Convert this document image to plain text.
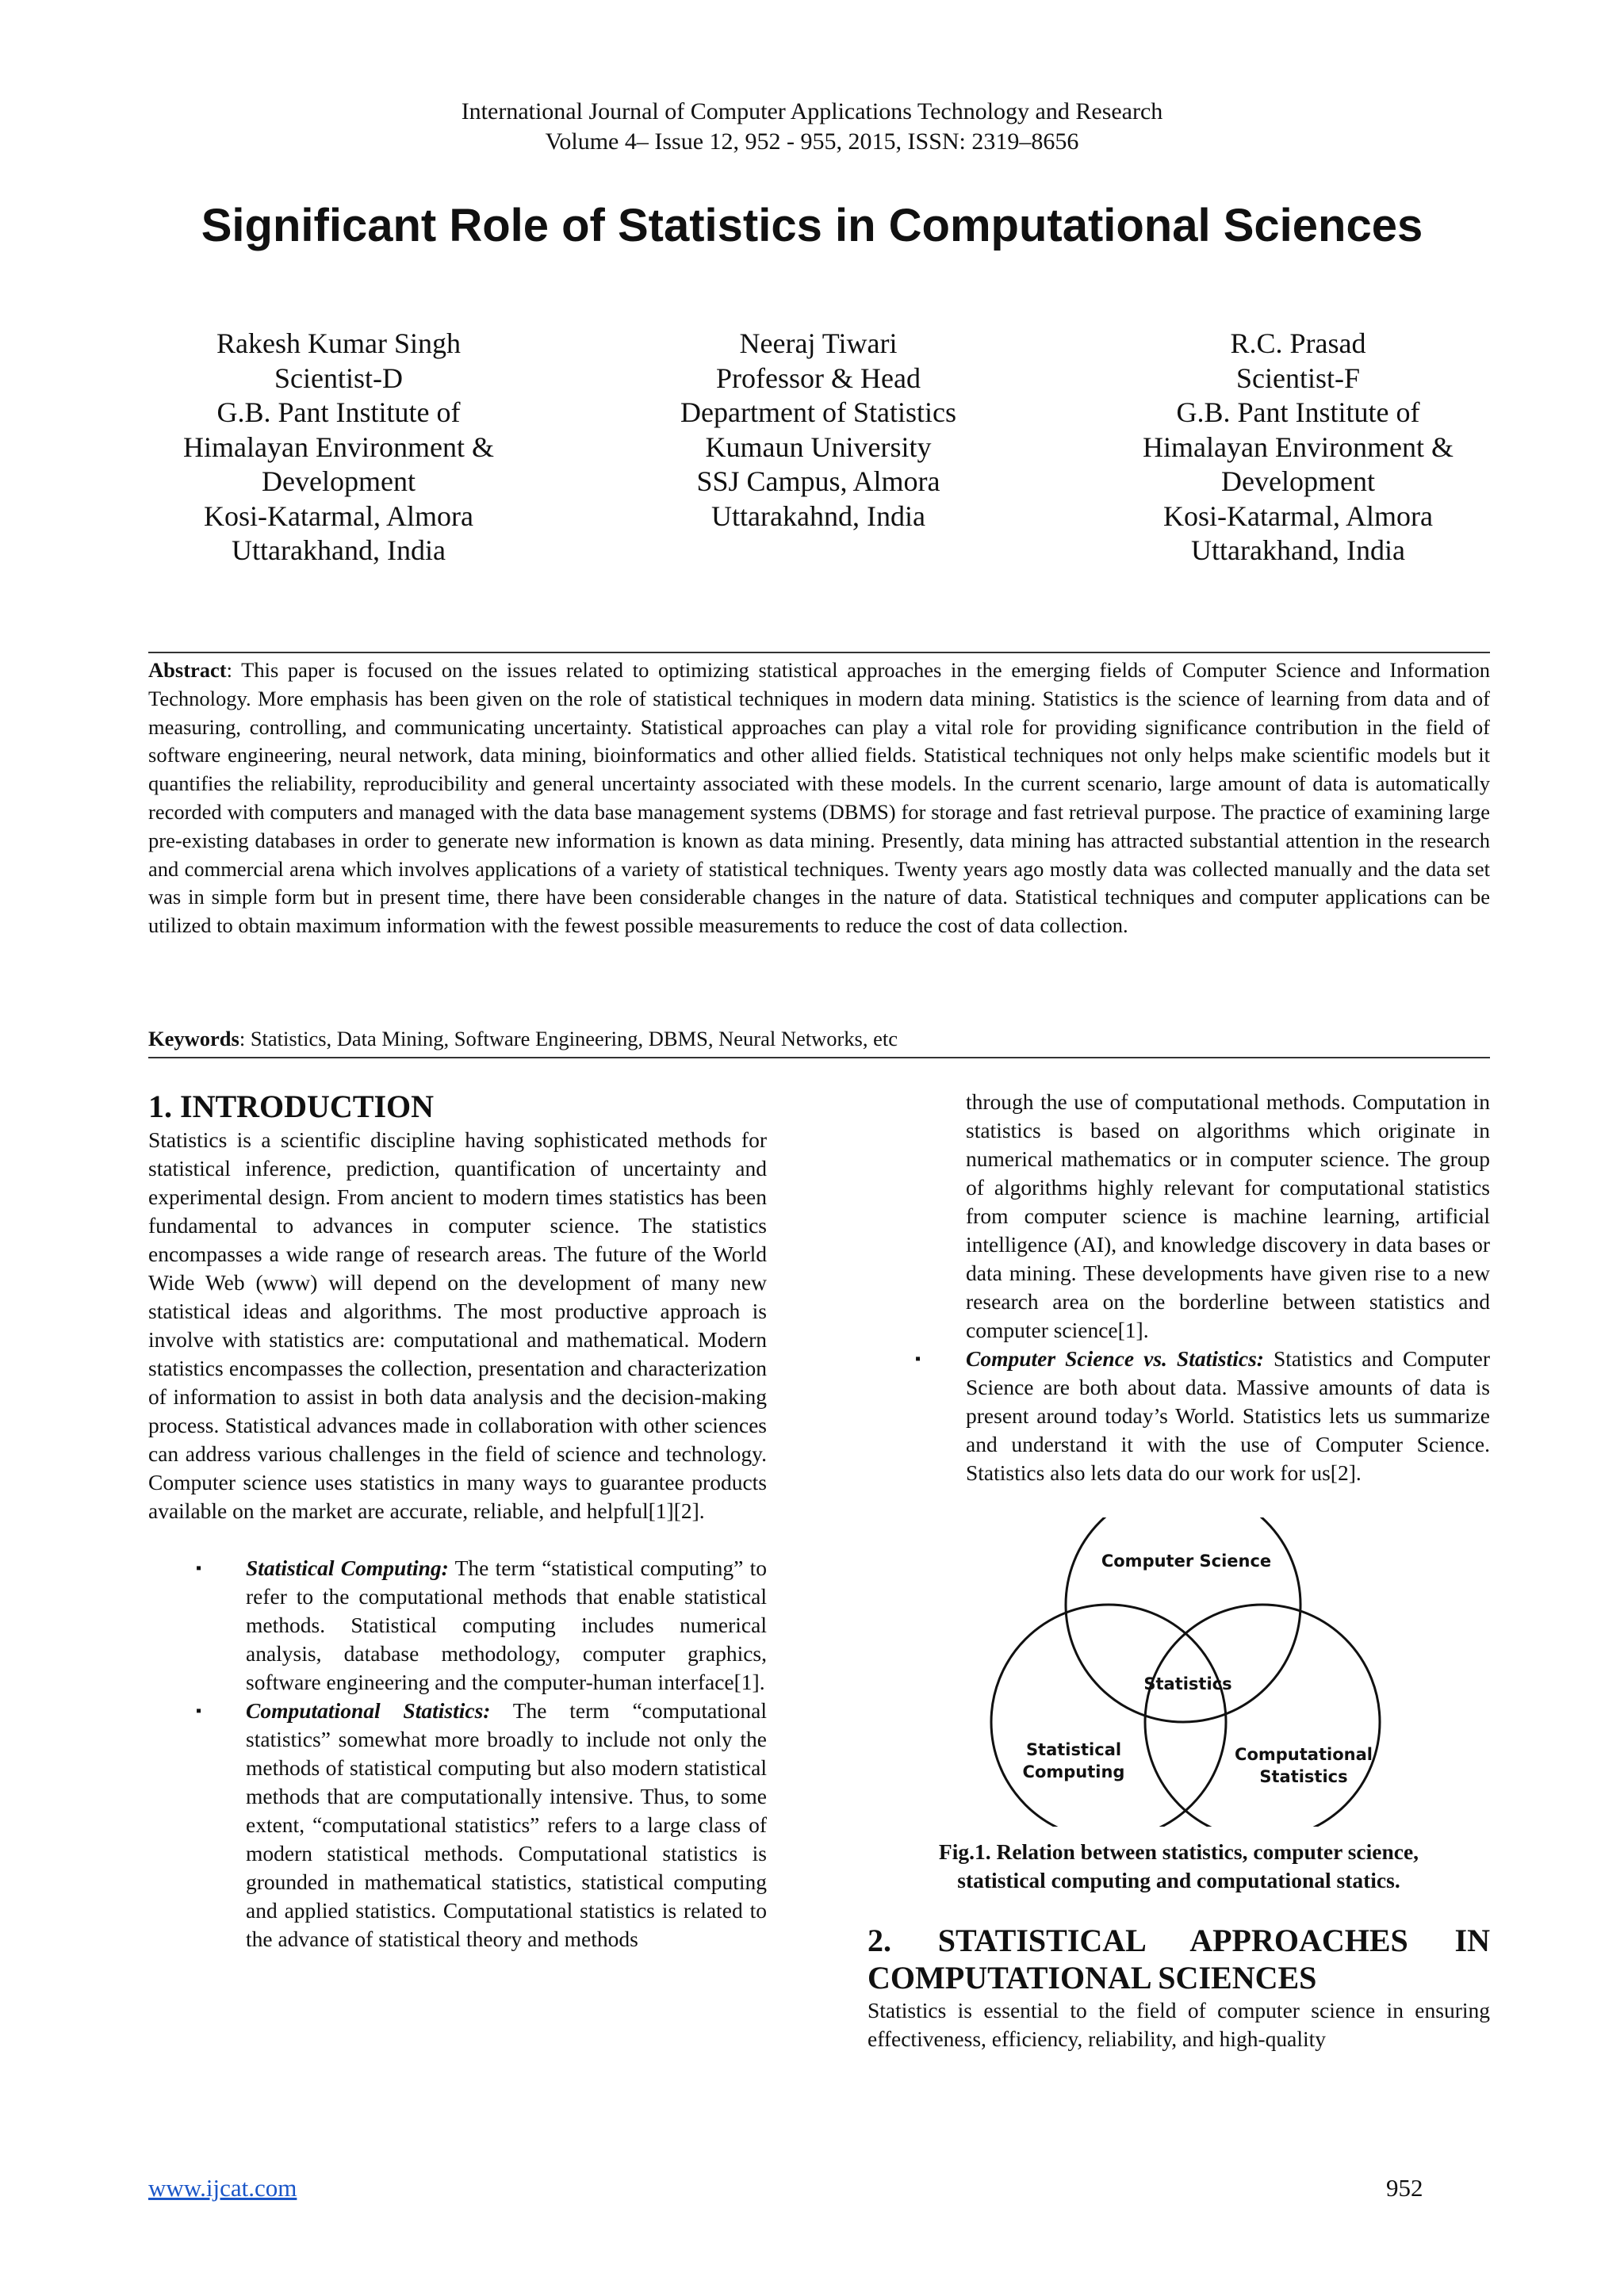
International Journal of Computer Applications Technology and Research
Volume 4– Issue 12, 952 - 955, 2015, ISSN: 2319–8656
Significant Role of Statistics in Computational Sciences
Rakesh Kumar Singh
Scientist-D
G.B. Pant Institute of
Himalayan Environment &
Development
Kosi-Katarmal, Almora
Uttarakhand, India
Neeraj Tiwari
Professor & Head
Department of Statistics
Kumaun University
SSJ Campus, Almora
Uttarakahnd, India
R.C. Prasad
Scientist-F
G.B. Pant Institute of
Himalayan Environment &
Development
Kosi-Katarmal, Almora
Uttarakhand, India

Abstract: This paper is focused on the issues related to optimizing statistical approaches in the emerging fields of Computer Science and Information Technology. More emphasis has been given on the role of statistical techniques in modern data mining. Statistics is the science of learning from data and of measuring, controlling, and communicating uncertainty. Statistical approaches can play a vital role for providing significance contribution in the field of software engineering, neural network, data mining, bioinformatics and other allied fields. Statistical techniques not only helps make scientific models but it quantifies the reliability, reproducibility and general uncertainty associated with these models. In the current scenario, large amount of data is automatically recorded with computers and managed with the data base management systems (DBMS) for storage and fast retrieval purpose. The practice of examining large pre-existing databases in order to generate new information is known as data mining. Presently, data mining has attracted substantial attention in the research and commercial arena which involves applications of a variety of statistical techniques. Twenty years ago mostly data was collected manually and the data set was in simple form but in present time, there have been considerable changes in the nature of data. Statistical techniques and computer applications can be utilized to obtain maximum information with the fewest possible measurements to reduce the cost of data collection.

Keywords: Statistics, Data Mining, Software Engineering, DBMS, Neural Networks, etc

1. INTRODUCTION

Statistics is a scientific discipline having sophisticated methods for statistical inference, prediction, quantification of uncertainty and experimental design. From ancient to modern times statistics has been fundamental to advances in computer science. The statistics encompasses a wide range of research areas. The future of the World Wide Web (www) will depend on the development of many new statistical ideas and algorithms. The most productive approach is involve with statistics are: computational and mathematical. Modern statistics encompasses the collection, presentation and characterization of information to assist in both data analysis and the decision-making process. Statistical advances made in collaboration with other sciences can address various challenges in the field of science and technology. Computer science uses statistics in many ways to guarantee products available on the market are accurate, reliable, and helpful[1][2].

▪ Statistical Computing: The term “statistical computing” to refer to the computational methods that enable statistical methods. Statistical computing includes numerical analysis, database methodology, computer graphics, software engineering and the computer-human interface[1].
▪ Computational Statistics: The term “computational statistics” somewhat more broadly to include not only the methods of statistical computing but also modern statistical methods that are computationally intensive. Thus, to some extent, “computational statistics” refers to a large class of modern statistical methods. Computational statistics is grounded in mathematical statistics, statistical computing and applied statistics. Computational statistics is related to the advance of statistical theory and methods

through the use of computational methods. Computation in statistics is based on algorithms which originate in numerical mathematics or in computer science. The group of algorithms highly relevant for computational statistics from computer science is machine learning, artificial intelligence (AI), and knowledge discovery in data bases or data mining. These developments have given rise to a new research area on the borderline between statistics and computer science[1].

▪ Computer Science vs. Statistics: Statistics and Computer Science are both about data. Massive amounts of data is present around today’s World. Statistics lets us summarize and understand it with the use of Computer Science. Statistics also lets data do our work for us[2].
Computer Science
Statistics
Statistical
Computing
Computational
Statistics

Fig.1. Relation between statistics, computer science,
statistical computing and computational statics.

2. STATISTICAL APPROACHES IN COMPUTATIONAL SCIENCES

Statistics is essential to the field of computer science in ensuring effectiveness, efficiency, reliability, and high-quality

www.ijcat.com	952
